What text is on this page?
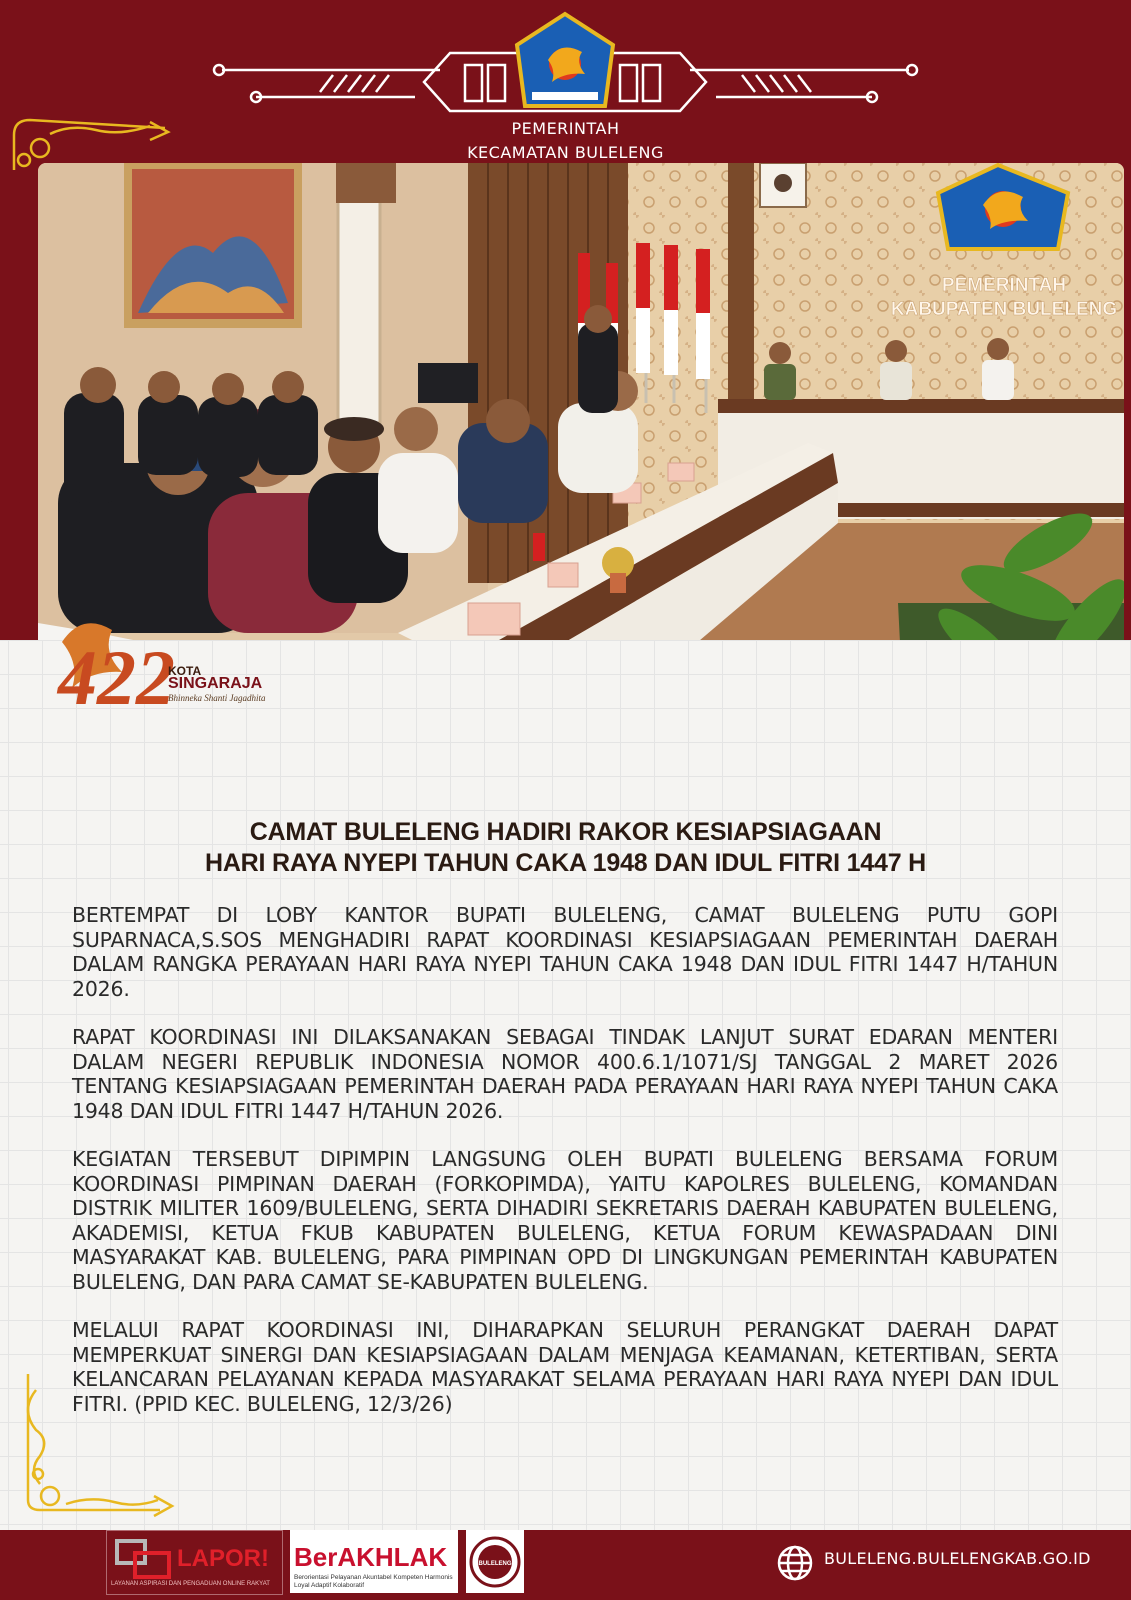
PEMERINTAH
KECAMATAN BULELENG
PEMERINTAH
KABUPATEN BULELENG
422
KOTA
SINGARAJA
Bhinneka Shanti Jagadhita
CAMAT BULELENG HADIRI RAKOR KESIAPSIAGAAN
HARI RAYA NYEPI TAHUN CAKA 1948 DAN IDUL FITRI 1447 H

BERTEMPAT DI LOBY KANTOR BUPATI BULELENG, CAMAT BULELENG PUTU GOPI SUPARNACA,S.SOS MENGHADIRI RAPAT KOORDINASI KESIAPSIAGAAN PEMERINTAH DAERAH DALAM RANGKA PERAYAAN HARI RAYA NYEPI TAHUN CAKA 1948 DAN IDUL FITRI 1447 H/TAHUN 2026.

RAPAT KOORDINASI INI DILAKSANAKAN SEBAGAI TINDAK LANJUT SURAT EDARAN MENTERI DALAM NEGERI REPUBLIK INDONESIA NOMOR 400.6.1/1071/SJ TANGGAL 2 MARET 2026 TENTANG KESIAPSIAGAAN PEMERINTAH DAERAH PADA PERAYAAN HARI RAYA NYEPI TAHUN CAKA 1948 DAN IDUL FITRI 1447 H/TAHUN 2026.

KEGIATAN TERSEBUT DIPIMPIN LANGSUNG OLEH BUPATI BULELENG BERSAMA FORUM KOORDINASI PIMPINAN DAERAH (FORKOPIMDA), YAITU KAPOLRES BULELENG, KOMANDAN DISTRIK MILITER 1609/BULELENG, SERTA DIHADIRI SEKRETARIS DAERAH KABUPATEN BULELENG, AKADEMISI, KETUA FKUB KABUPATEN BULELENG, KETUA FORUM KEWASPADAAN DINI MASYARAKAT KAB. BULELENG, PARA PIMPINAN OPD DI LINGKUNGAN PEMERINTAH KABUPATEN BULELENG, DAN PARA CAMAT SE-KABUPATEN BULELENG.

MELALUI RAPAT KOORDINASI INI, DIHARAPKAN SELURUH PERANGKAT DAERAH DAPAT MEMPERKUAT SINERGI DAN KESIAPSIAGAAN DALAM MENJAGA KEAMANAN, KETERTIBAN, SERTA KELANCARAN PELAYANAN KEPADA MASYARAKAT SELAMA PERAYAAN HARI RAYA NYEPI DAN IDUL FITRI. (PPID KEC. BULELENG, 12/3/26)

LAPOR!
LAYANAN ASPIRASI DAN PENGADUAN ONLINE RAKYAT
BerAKHLAK
Berorientasi Pelayanan Akuntabel Kompeten Harmonis Loyal Adaptif Kolaboratif
BULELENG	BULELENG.BULELENGKAB.GO.ID
